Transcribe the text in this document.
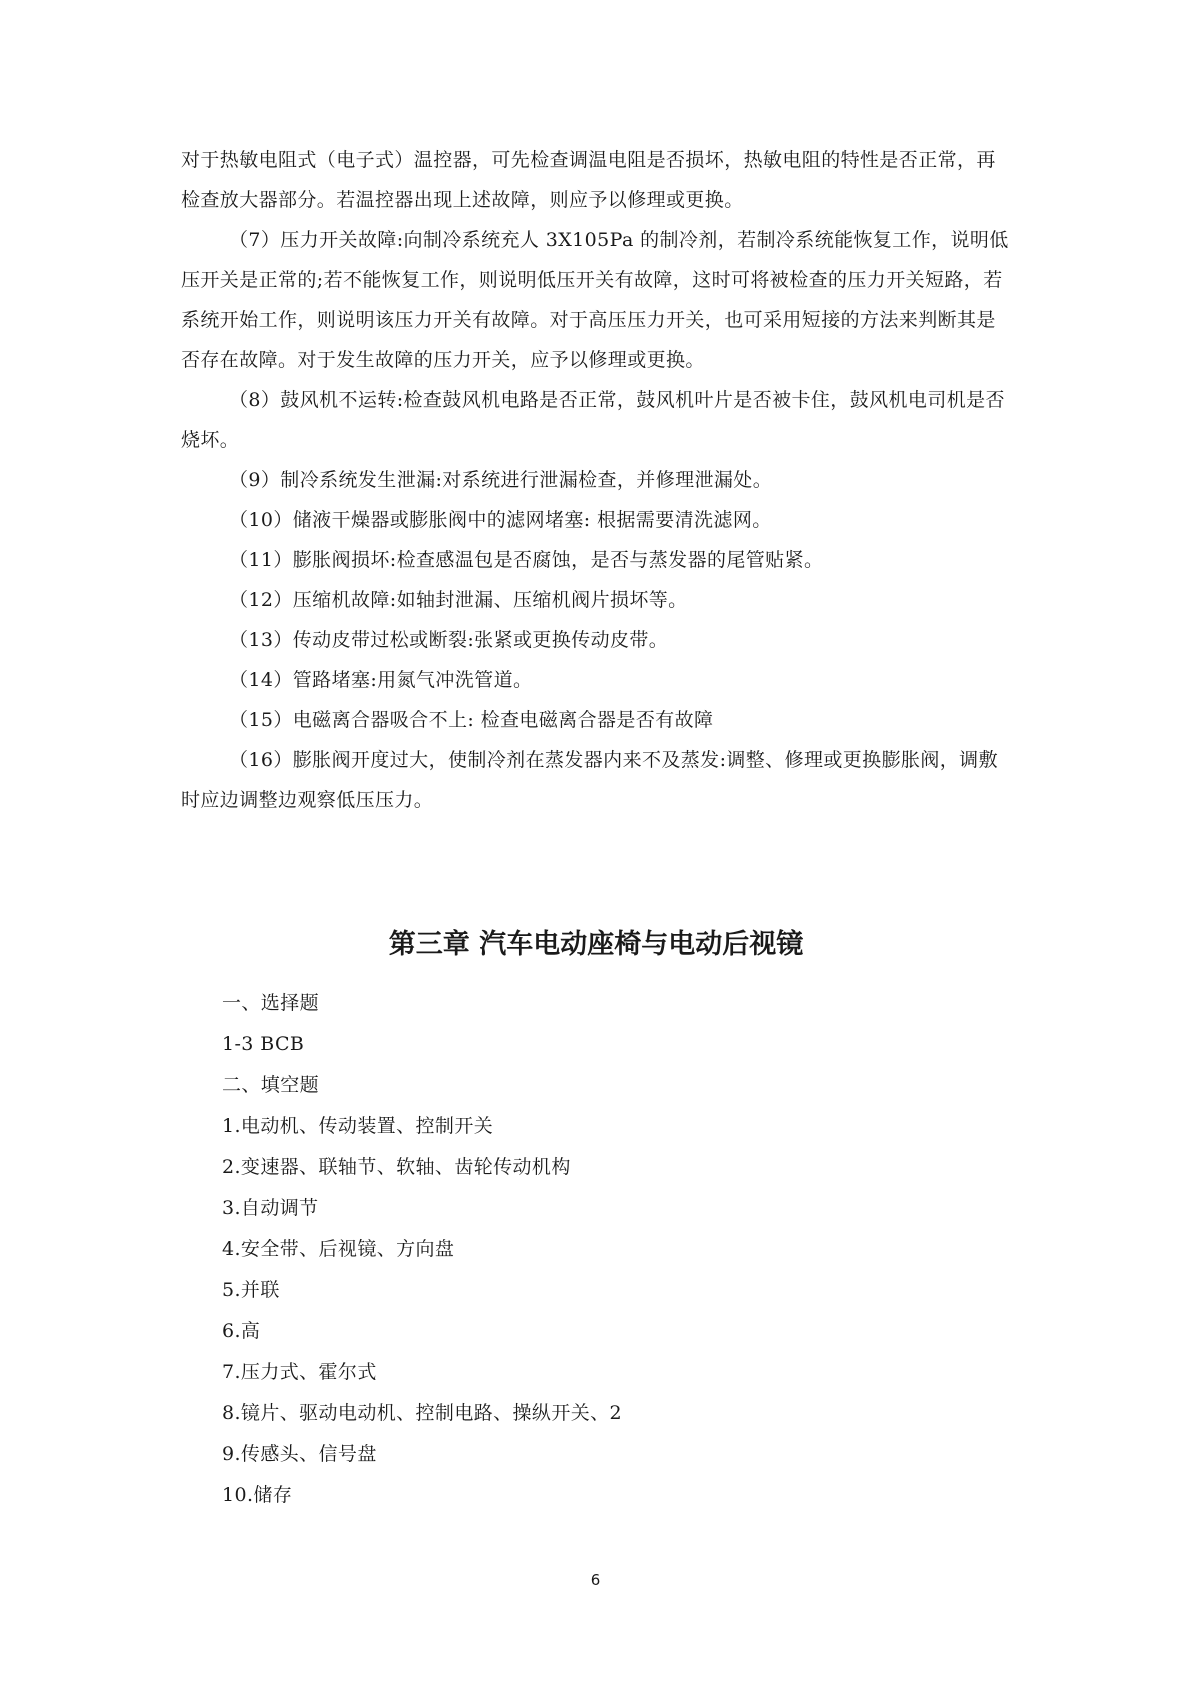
对于热敏电阻式（电子式）温控器，可先检查调温电阻是否损坏，热敏电阻的特性是否正常，再检查放大器部分。若温控器出现上述故障，则应予以修理或更换。

（7）压力开关故障:向制冷系统充人 3X105Pa 的制冷剂，若制冷系统能恢复工作，说明低压开关是正常的;若不能恢复工作，则说明低压开关有故障，这时可将被检查的压力开关短路，若系统开始工作，则说明该压力开关有故障。对于高压压力开关，也可采用短接的方法来判断其是否存在故障。对于发生故障的压力开关，应予以修理或更换。

（8）鼓风机不运转:检查鼓风机电路是否正常，鼓风机叶片是否被卡住，鼓风机电司机是否烧坏。

（9）制冷系统发生泄漏:对系统进行泄漏检查，并修理泄漏处。

（10）储液干燥器或膨胀阀中的滤网堵塞: 根据需要清洗滤网。

（11）膨胀阀损坏:检查感温包是否腐蚀，是否与蒸发器的尾管贴紧。

（12）压缩机故障:如轴封泄漏、压缩机阀片损坏等。

（13）传动皮带过松或断裂:张紧或更换传动皮带。

（14）管路堵塞:用氮气冲洗管道。

（15）电磁离合器吸合不上: 检查电磁离合器是否有故障

（16）膨胀阀开度过大，使制冷剂在蒸发器内来不及蒸发:调整、修理或更换膨胀阀，调敷时应边调整边观察低压压力。

第三章 汽车电动座椅与电动后视镜
一、选择题
1-3 BCB
二、填空题
1.电动机、传动装置、控制开关
2.变速器、联轴节、软轴、齿轮传动机构
3.自动调节
4.安全带、后视镜、方向盘
5.并联
6.高
7.压力式、霍尔式
8.镜片、驱动电动机、控制电路、操纵开关、2
9.传感头、信号盘
10.储存
6
